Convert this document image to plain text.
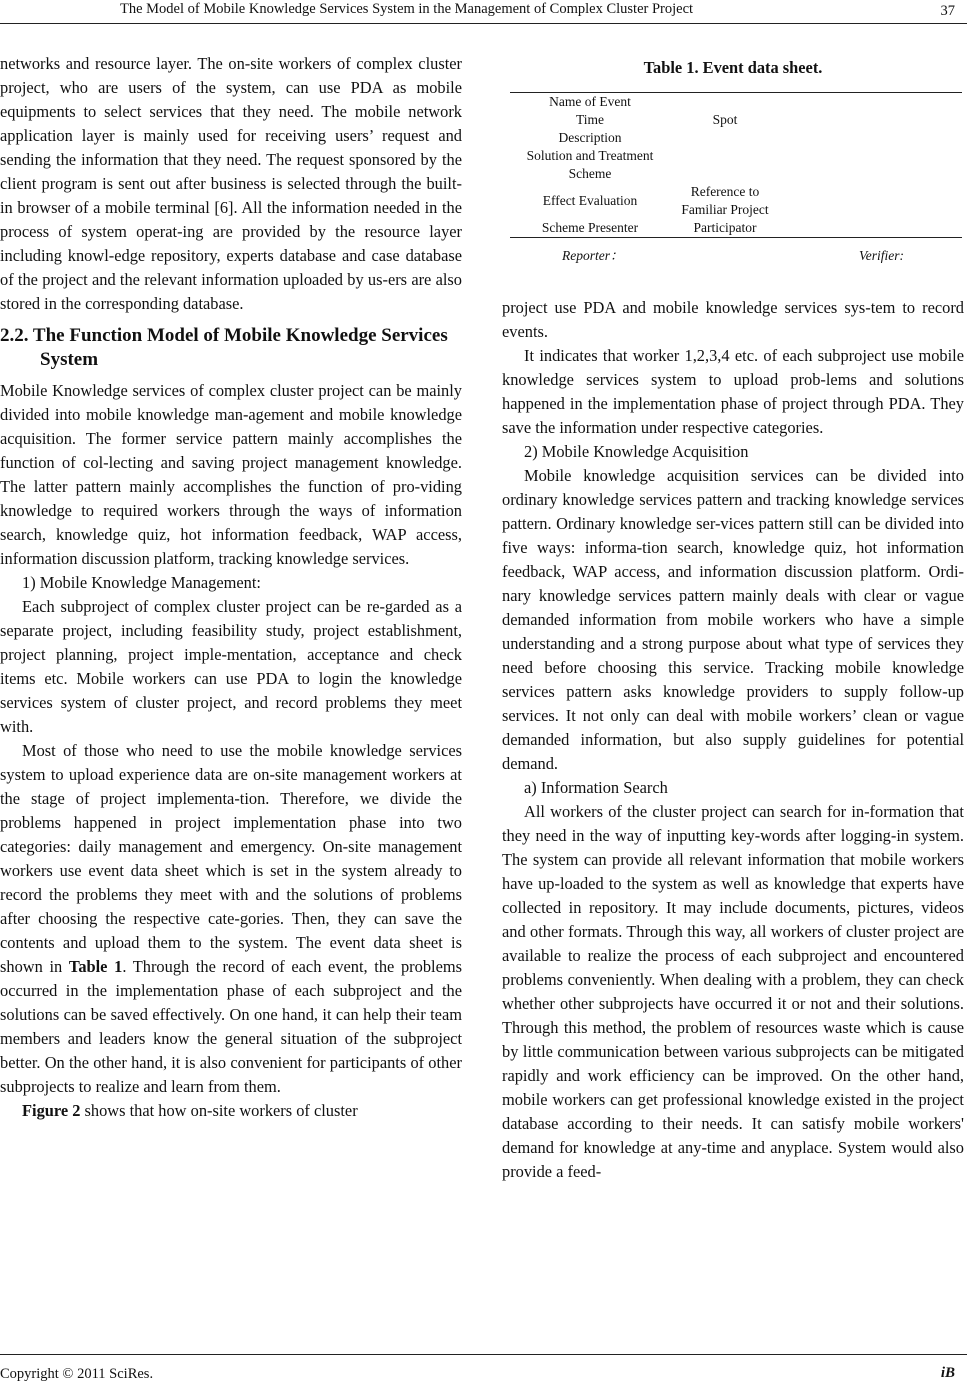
The Model of Mobile Knowledge Services System in the Management of Complex Cluster Project	37

networks and resource layer. The on-site workers of complex cluster project, who are users of the system, can use PDA as mobile equipments to select services that they need. The mobile network application layer is mainly used for receiving users’ request and sending the information that they need. The request sponsored by the client program is sent out after business is selected through the built-in browser of a mobile terminal [6]. All the information needed in the process of system operat-ing are provided by the resource layer including knowl-edge repository, experts database and case database of the project and the relevant information uploaded by us-ers are also stored in the corresponding database.

2.2. The Function Model of Mobile Knowledge Services System

Mobile Knowledge services of complex cluster project can be mainly divided into mobile knowledge man-agement and mobile knowledge acquisition. The former service pattern mainly accomplishes the function of col-lecting and saving project management knowledge. The latter pattern mainly accomplishes the function of pro-viding knowledge to required workers through the ways of information search, knowledge quiz, hot information feedback, WAP access, information discussion platform, tracking knowledge services.

1) Mobile Knowledge Management:

Each subproject of complex cluster project can be re-garded as a separate project, including feasibility study, project establishment, project planning, project imple-mentation, acceptance and check items etc. Mobile workers can use PDA to login the knowledge services system of cluster project, and record problems they meet with.

Most of those who need to use the mobile knowledge services system to upload experience data are on-site management workers at the stage of project implementa-tion. Therefore, we divide the problems happened in project implementation phase into two categories: daily management and emergency. On-site management workers use event data sheet which is set in the system already to record the problems they meet with and the solutions of problems after choosing the respective cate-gories. Then, they can save the contents and upload them to the system. The event data sheet is shown in Table 1. Through the record of each event, the problems occurred in the implementation phase of each subproject and the solutions can be saved effectively. On one hand, it can help their team members and leaders know the general situation of the subproject better. On the other hand, it is also convenient for participants of other subprojects to realize and learn from them.

Figure 2 shows that how on-site workers of cluster

Table 1. Event data sheet.

Name of Event		
Time	Spot	
Description		
Solution and Treatment Scheme		
Effect Evaluation	Reference to Familiar Project	
Scheme Presenter	Participator	
Reporter：	Verifier:

project use PDA and mobile knowledge services sys-tem to record events.

It indicates that worker 1,2,3,4 etc. of each subproject use mobile knowledge services system to upload prob-lems and solutions happened in the implementation phase of project through PDA. They save the information under respective categories.

2) Mobile Knowledge Acquisition

Mobile knowledge acquisition services can be divided into ordinary knowledge services pattern and tracking knowledge services pattern. Ordinary knowledge ser-vices pattern still can be divided into five ways: informa-tion search, knowledge quiz, hot information feedback, WAP access, and information discussion platform. Ordi-nary knowledge services pattern mainly deals with clear or vague demanded information from mobile workers who have a simple understanding and a strong purpose about what type of services they need before choosing this service. Tracking mobile knowledge services pattern asks knowledge providers to supply follow-up services. It not only can deal with mobile workers’ clean or vague demanded information, but also supply guidelines for potential demand.

a) Information Search

All workers of the cluster project can search for in-formation that they need in the way of inputting key-words after logging-in system. The system can provide all relevant information that mobile workers have up-loaded to the system as well as knowledge that experts have collected in repository. It may include documents, pictures, videos and other formats. Through this way, all workers of cluster project are available to realize the process of each subproject and encountered problems conveniently. When dealing with a problem, they can check whether other subprojects have occurred it or not and their solutions. Through this method, the problem of resources waste which is cause by little communication between various subprojects can be mitigated rapidly and work efficiency can be improved. On the other hand, mobile workers can get professional knowledge existed in the project database according to their needs. It can satisfy mobile workers' demand for knowledge at any-time and anyplace. System would also provide a feed-

Copyright © 2011 SciRes.	iB
